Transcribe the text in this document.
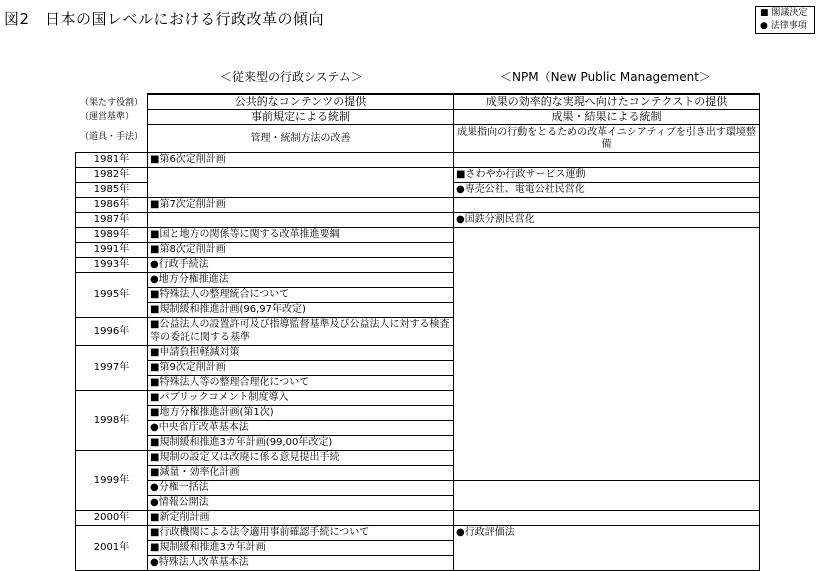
図2　日本の国レベルにおける行政改革の傾向	■ 閣議決定
● 法律事項
＜従来型の行政システム＞	＜NPM（New Public Management＞
（果たす役割）
（運営基準）
（道具・手法）
	公共的なコンテンツの提供	成果の効率的な実現へ向けたコンテクストの提供	
	事前規定による統制	成果・結果による統制	
	管理・統制方法の改善	成果指向の行動をとるための改革イニシアティブを引き出す環境整備	
1981年	■第6次定削計画		
1982年		■さわやか行政サービス運動	
1985年		●専売公社、電電公社民営化	
1986年	■第7次定削計画		
1987年		●国鉄分割民営化	
1989年	■国と地方の関係等に関する改革推進要綱		
1991年	■第8次定削計画		
1993年	●行政手続法		
1995年	●地方分権推進法		
	■特殊法人の整理統合について		
	■規制緩和推進計画(96,97年改定)		
1996年	■公益法人の設置許可及び指導監督基準及び公益法人に対する検査等の委託に関する基準		
1997年	■申請負担軽減対策		
	■第9次定削計画		
	■特殊法人等の整理合理化について		
1998年	■パブリックコメント制度導入		
	■地方分権推進計画(第1次)		
	●中央省庁改革基本法		
	■規制緩和推進3カ年計画(99,00年改定)		
1999年	■規制の設定又は改廃に係る意見提出手続	
	■減量・効率化計画	
	●分権一括法		
	●情報公開法		
2000年	■新定削計画		
2001年	■行政機関による法令適用事前確認手続について	●行政評価法	
	■規制緩和推進3カ年計画		
	●特殊法人改革基本法		
